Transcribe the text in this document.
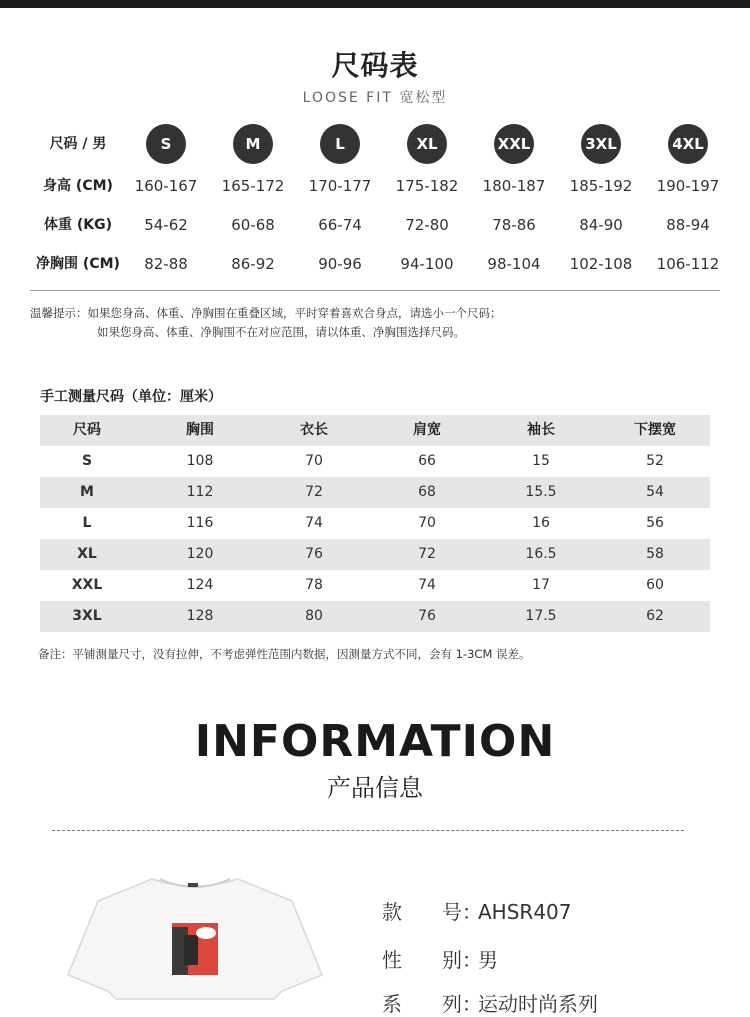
尺码表
LOOSE FIT 宽松型
尺码 / 男	S	M	L	XL	XXL	3XL	4XL
身高 (CM)	160-167	165-172	170-177	175-182	180-187	185-192	190-197
体重 (KG)	54-62	60-68	66-74	72-80	78-86	84-90	88-94
净胸围 (CM)	82-88	86-92	90-96	94-100	98-104	102-108	106-112
温馨提示：如果您身高、体重、净胸围在重叠区域，平时穿着喜欢合身点，请选小一个尺码；
如果您身高、体重、净胸围不在对应范围，请以体重、净胸围选择尺码。
手工测量尺码（单位：厘米）
尺码	胸围	衣长	肩宽	袖长	下摆宽
S	108	70	66	15	52
M	112	72	68	15.5	54
L	116	74	70	16	56
XL	120	76	72	16.5	58
XXL	124	78	74	17	60
3XL	128	80	76	17.5	62
备注：平铺测量尺寸，没有拉伸，不考虑弹性范围内数据，因测量方式不同，会有 1-3CM 误差。
INFORMATION
产品信息
款　　号：AHSR407
性　　别：男
系　　列：运动时尚系列
